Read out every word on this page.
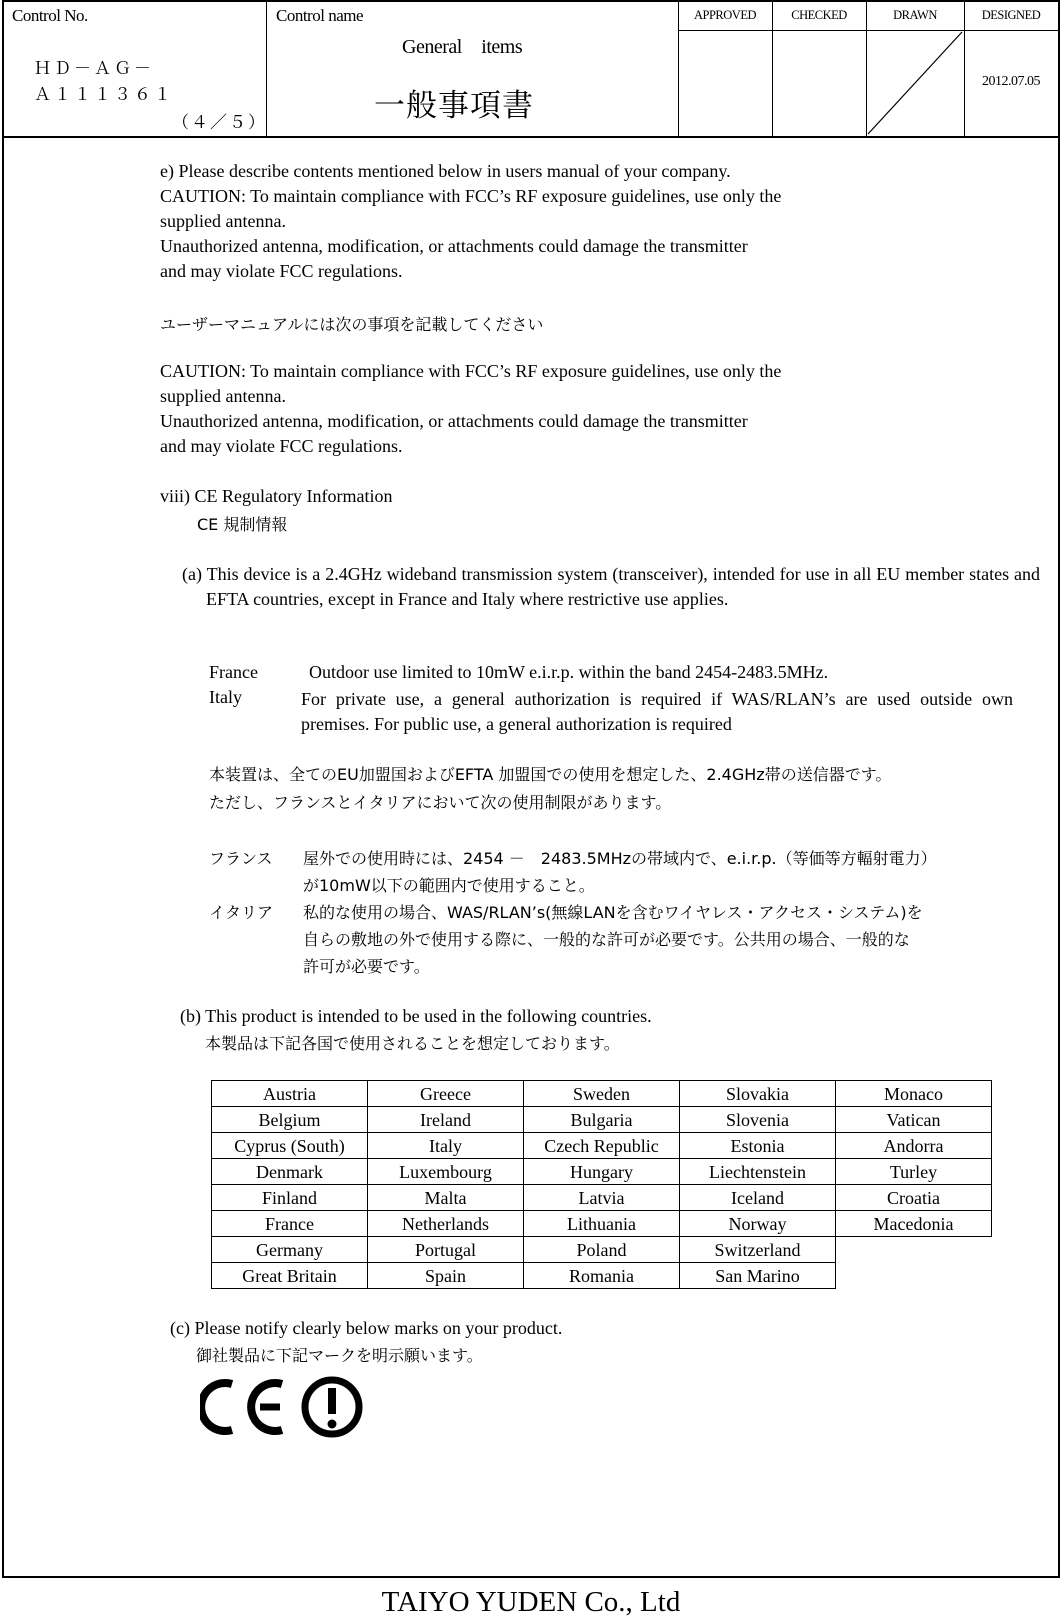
Control No.
ＨＤ－ＡＧ－
Ａ１１１３６１
（４／５）
Control name
General　items
一般事項書
APPROVED	CHECKED	DRAWN	DESIGNED
2012.07.05
e) Please describe contents mentioned below in users manual of your company.
CAUTION: To maintain compliance with FCC’s RF exposure guidelines, use only the
supplied antenna.
Unauthorized antenna, modification, or attachments could damage the transmitter
and may violate FCC regulations.
ユーザーマニュアルには次の事項を記載してください
CAUTION: To maintain compliance with FCC’s RF exposure guidelines, use only the
supplied antenna.
Unauthorized antenna, modification, or attachments could damage the transmitter
and may violate FCC regulations.
viii) CE Regulatory Information
CE 規制情報
(a) This device is a 2.4GHz wideband transmission system (transceiver), intended for use in all EU member states and EFTA countries, except in France and Italy where restrictive use applies.
France	Outdoor use limited to 10mW e.i.r.p. within the band 2454-2483.5MHz.
Italy	For private use, a general authorization is required if WAS/RLAN’s are used outside own premises. For public use, a general authorization is required
本装置は、全てのEU加盟国およびEFTA 加盟国での使用を想定した、2.4GHz帯の送信器です。
ただし、フランスとイタリアにおいて次の使用制限があります。
フランス 屋外での使用時には、2454 －　2483.5MHzの帯域内で、e.i.r.p.（等価等方輻射電力）
が10mW以下の範囲内で使用すること。
イタリア 私的な使用の場合、WAS/RLAN’s(無線LANを含むワイヤレス・アクセス・システム)を
自らの敷地の外で使用する際に、一般的な許可が必要です。公共用の場合、一般的な
許可が必要です。
(b) This product is intended to be used in the following countries.
本製品は下記各国で使用されることを想定しております。
Austria	Greece	Sweden	Slovakia	Monaco
Belgium	Ireland	Bulgaria	Slovenia	Vatican
Cyprus (South)	Italy	Czech Republic	Estonia	Andorra
Denmark	Luxembourg	Hungary	Liechtenstein	Turley
Finland	Malta	Latvia	Iceland	Croatia
France	Netherlands	Lithuania	Norway	Macedonia
Germany	Portugal	Poland	Switzerland	
Great Britain	Spain	Romania	San Marino	
(c) Please notify clearly below marks on your product.
御社製品に下記マークを明示願います。
TAIYO YUDEN Co., Ltd
